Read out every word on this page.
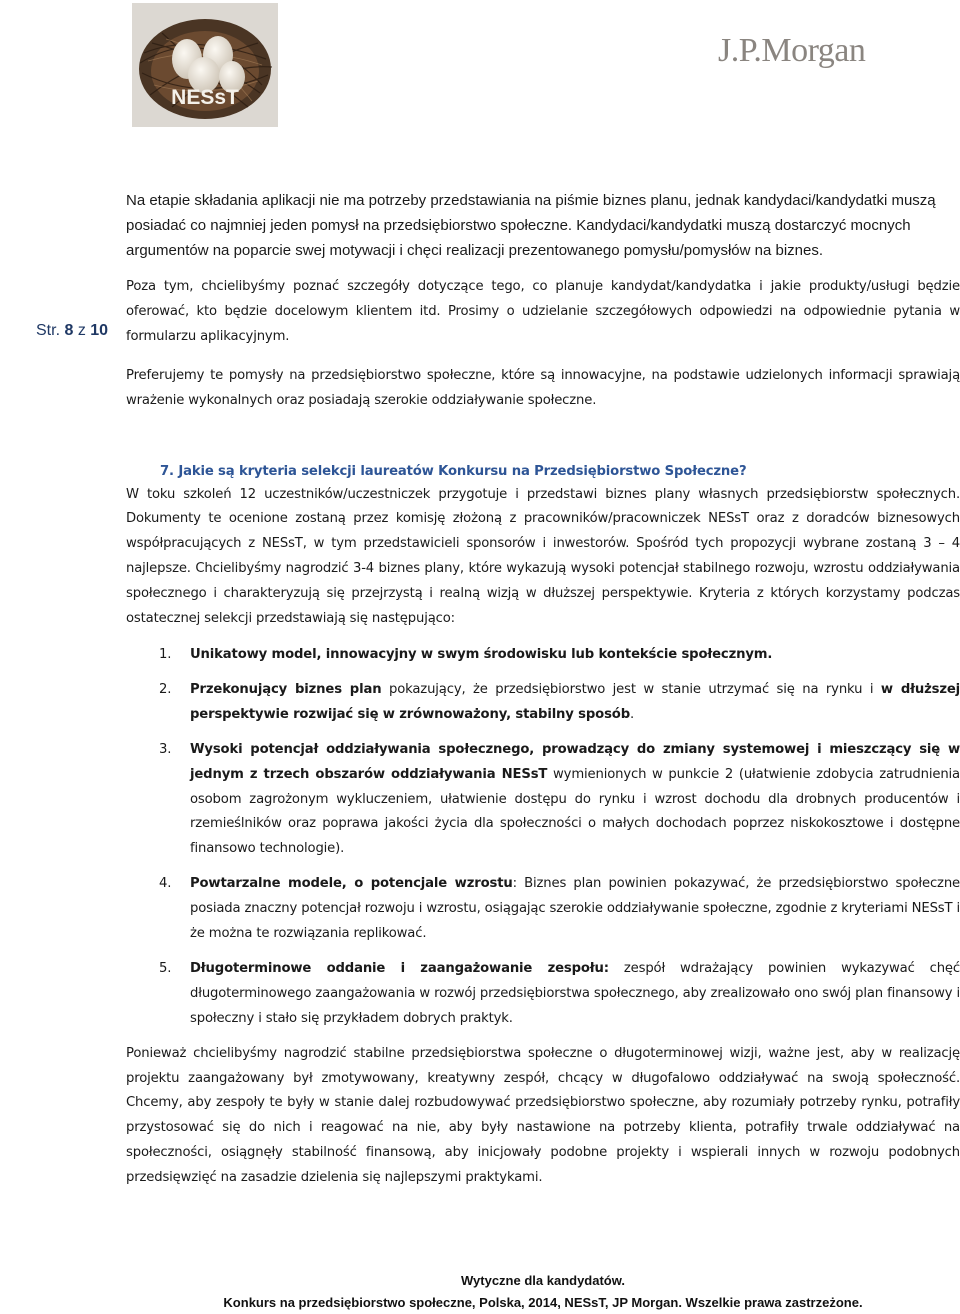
NESsT
J.P.Morgan
Str. 8 z 10

Na etapie składania aplikacji nie ma potrzeby przedstawiania na piśmie biznes planu, jednak kandydaci/kandydatki muszą posiadać co najmniej jeden pomysł na przedsiębiorstwo społeczne. Kandydaci/kandydatki muszą dostarczyć mocnych argumentów na poparcie swej motywacji i chęci realizacji prezentowanego pomysłu/pomysłów na biznes.

Poza tym, chcielibyśmy poznać szczegóły dotyczące tego, co planuje kandydat/kandydatka i jakie produkty/usługi będzie oferować, kto będzie docelowym klientem itd. Prosimy o udzielanie szczegółowych odpowiedzi na odpowiednie pytania w formularzu aplikacyjnym.

Preferujemy te pomysły na przedsiębiorstwo społeczne, które są innowacyjne, na podstawie udzielonych informacji sprawiają wrażenie wykonalnych oraz posiadają szerokie oddziaływanie społeczne.

7. Jakie są kryteria selekcji laureatów Konkursu na Przedsiębiorstwo Społeczne?

W toku szkoleń 12 uczestników/uczestniczek przygotuje i przedstawi biznes plany własnych przedsiębiorstw społecznych. Dokumenty te ocenione zostaną przez komisję złożoną z pracowników/pracowniczek NESsT oraz z doradców biznesowych współpracujących z NESsT, w tym przedstawicieli sponsorów i inwestorów. Spośród tych propozycji wybrane zostaną 3 – 4 najlepsze. Chcielibyśmy nagrodzić 3-4 biznes plany, które wykazują wysoki potencjał stabilnego rozwoju, wzrostu oddziaływania społecznego i charakteryzują się przejrzystą i realną wizją w dłuższej perspektywie. Kryteria z których korzystamy podczas ostatecznej selekcji przedstawiają się następująco:

1. Unikatowy model, innowacyjny w swym środowisku lub kontekście społecznym.
2. Przekonujący biznes plan pokazujący, że przedsiębiorstwo jest w stanie utrzymać się na rynku i w dłuższej perspektywie rozwijać się w zrównoważony, stabilny sposób.
3. Wysoki potencjał oddziaływania społecznego, prowadzący do zmiany systemowej i mieszczący się w jednym z trzech obszarów oddziaływania NESsT wymienionych w punkcie 2 (ułatwienie zdobycia zatrudnienia osobom zagrożonym wykluczeniem, ułatwienie dostępu do rynku i wzrost dochodu dla drobnych producentów i rzemieślników oraz poprawa jakości życia dla społeczności o małych dochodach poprzez niskokosztowe i dostępne finansowo technologie).
4. Powtarzalne modele, o potencjale wzrostu: Biznes plan powinien pokazywać, że przedsiębiorstwo społeczne posiada znaczny potencjał rozwoju i wzrostu, osiągając szerokie oddziaływanie społeczne, zgodnie z kryteriami NESsT i że można te rozwiązania replikować.
5. Długoterminowe oddanie i zaangażowanie zespołu: zespół wdrażający powinien wykazywać chęć długoterminowego zaangażowania w rozwój przedsiębiorstwa społecznego, aby zrealizowało ono swój plan finansowy i społeczny i stało się przykładem dobrych praktyk.

Ponieważ chcielibyśmy nagrodzić stabilne przedsiębiorstwa społeczne o długoterminowej wizji, ważne jest, aby w realizację projektu zaangażowany był zmotywowany, kreatywny zespół, chcący w długofalowo oddziaływać na swoją społeczność. Chcemy, aby zespoły te były w stanie dalej rozbudowywać przedsiębiorstwo społeczne, aby rozumiały potrzeby rynku, potrafiły przystosować się do nich i reagować na nie, aby były nastawione na potrzeby klienta, potrafiły trwale oddziaływać na społeczności, osiągnęły stabilność finansową, aby inicjowały podobne projekty i wspierali innych w rozwoju podobnych przedsięwzięć na zasadzie dzielenia się najlepszymi praktykami.

Wytyczne dla kandydatów.
Konkurs na przedsiębiorstwo społeczne, Polska, 2014, NESsT, JP Morgan. Wszelkie prawa zastrzeżone.
